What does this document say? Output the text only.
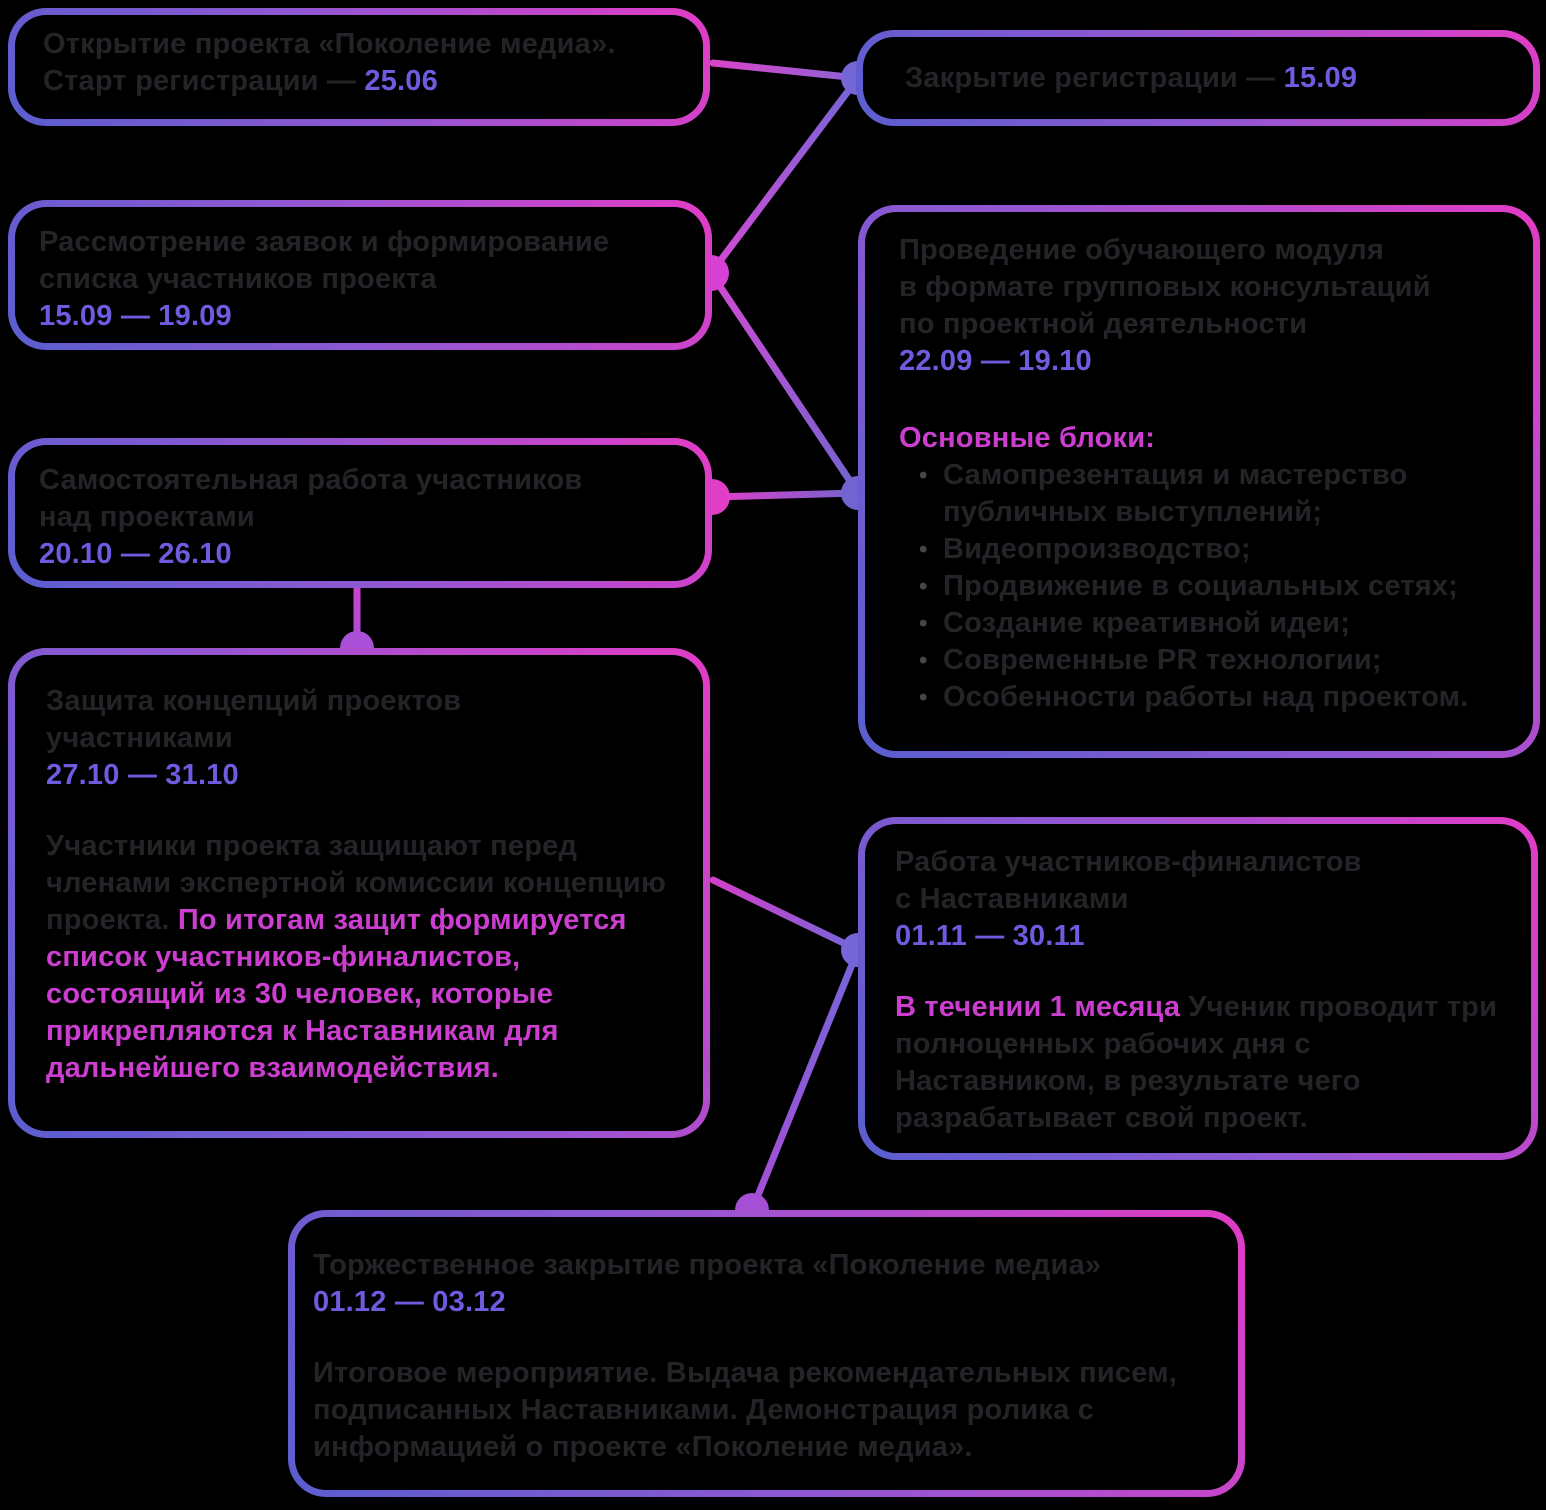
Открытие проекта «Поколение медиа».
Старт регистрации — 25.06	Закрытие регистрации — 15.09
Рассмотрение заявок и формирование
списка участников проекта
15.09 — 19.09
Проведение обучающего модуля
в формате групповых консультаций
по проектной деятельности
22.09 — 19.10
Основные блоки:
• Самопрезентация и мастерство публичных выступлений;
• Видеопроизводство;
• Продвижение в социальных сетях;
• Создание креативной идеи;
• Современные PR технологии;
• Особенности работы над проектом.
Самостоятельная работа участников
над проектами
20.10 — 26.10
Защита концепций проектов
участниками
27.10 — 31.10
Участники проекта защищают перед членами экспертной комиссии концепцию проекта. По итогам защит формируется список участников-финалистов, состоящий из 30 человек, которые прикрепляются к Наставникам для дальнейшего взаимодействия.
Работа участников-финалистов
с Наставниками
01.11 — 30.11
В течении 1 месяца Ученик проводит три полноценных рабочих дня с Наставником, в результате чего разрабатывает свой проект.
Торжественное закрытие проекта «Поколение медиа»
01.12 — 03.12
Итоговое мероприятие. Выдача рекомендательных писем, подписанных Наставниками. Демонстрация ролика с информацией о проекте «Поколение медиа».
